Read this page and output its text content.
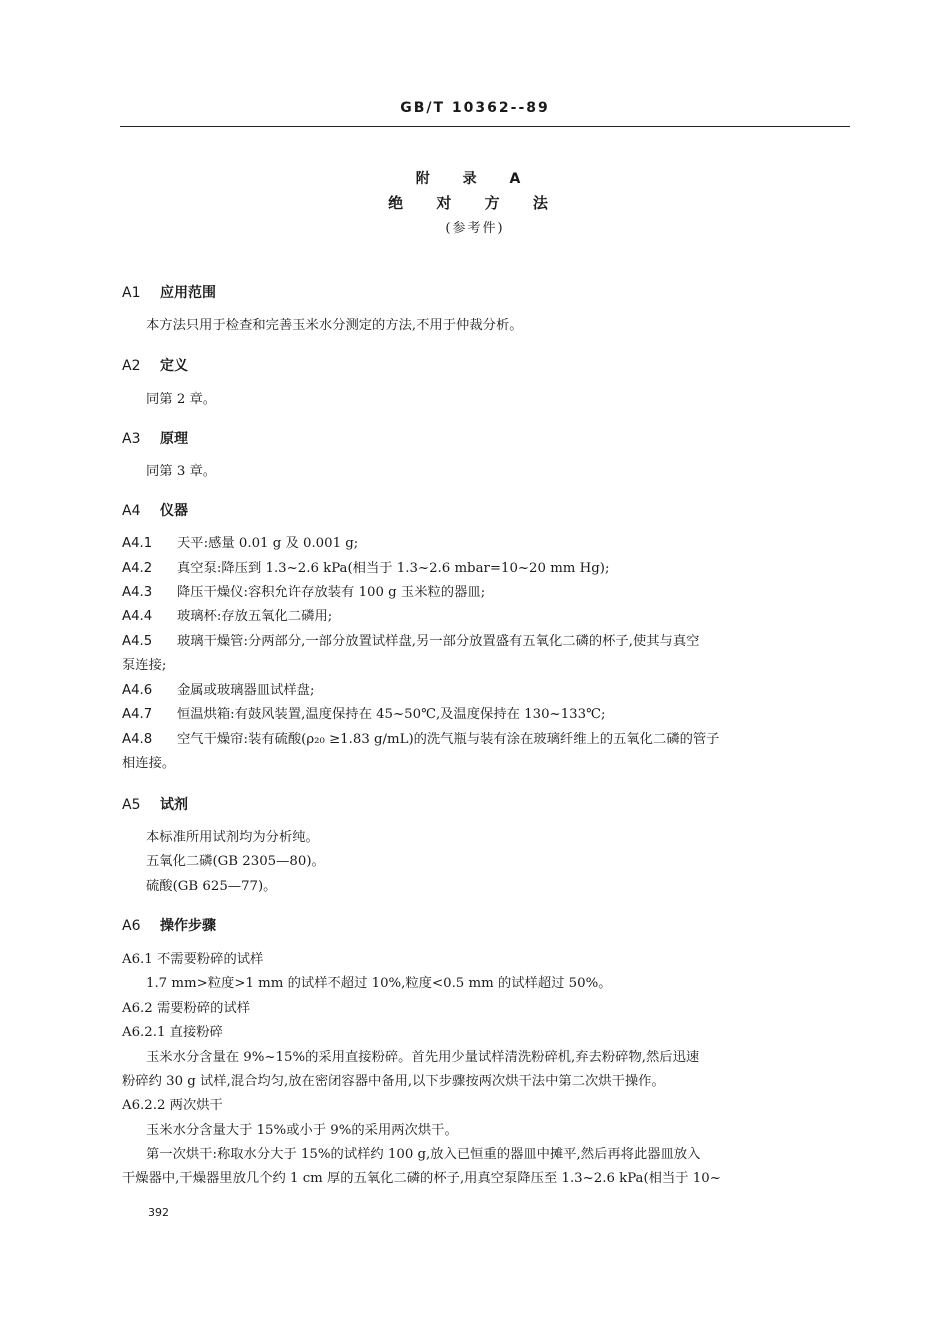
GB/T 10362--89
附 录 A
绝 对 方 法
(参考件)
A1 应用范围
本方法只用于检查和完善玉米水分测定的方法,不用于仲裁分析。
A2 定义
同第 2 章。
A3 原理
同第 3 章。
A4 仪器
A4.1 天平:感量 0.01 g 及 0.001 g;
A4.2 真空泵:降压到 1.3~2.6 kPa(相当于 1.3~2.6 mbar=10~20 mm Hg);
A4.3 降压干燥仪:容积允许存放装有 100 g 玉米粒的器皿;
A4.4 玻璃杯:存放五氧化二磷用;
A4.5 玻璃干燥管:分两部分,一部分放置试样盘,另一部分放置盛有五氧化二磷的杯子,使其与真空
泵连接;
A4.6 金属或玻璃器皿试样盘;
A4.7 恒温烘箱:有鼓风装置,温度保持在 45~50℃,及温度保持在 130~133℃;
A4.8 空气干燥帘:装有硫酸(ρ₂₀ ≥1.83 g/mL)的洗气瓶与装有涂在玻璃纤维上的五氧化二磷的管子
相连接。
A5 试剂
本标准所用试剂均为分析纯。
五氧化二磷(GB 2305—80)。
硫酸(GB 625—77)。
A6 操作步骤
A6.1 不需要粉碎的试样
1.7 mm>粒度>1 mm 的试样不超过 10%,粒度<0.5 mm 的试样超过 50%。
A6.2 需要粉碎的试样
A6.2.1 直接粉碎
玉米水分含量在 9%~15%的采用直接粉碎。首先用少量试样清洗粉碎机,弃去粉碎物,然后迅速
粉碎约 30 g 试样,混合均匀,放在密闭容器中备用,以下步骤按两次烘干法中第二次烘干操作。
A6.2.2 两次烘干
玉米水分含量大于 15%或小于 9%的采用两次烘干。
第一次烘干:称取水分大于 15%的试样约 100 g,放入已恒重的器皿中摊平,然后再将此器皿放入
干燥器中,干燥器里放几个约 1 cm 厚的五氧化二磷的杯子,用真空泵降压至 1.3~2.6 kPa(相当于 10~
392
